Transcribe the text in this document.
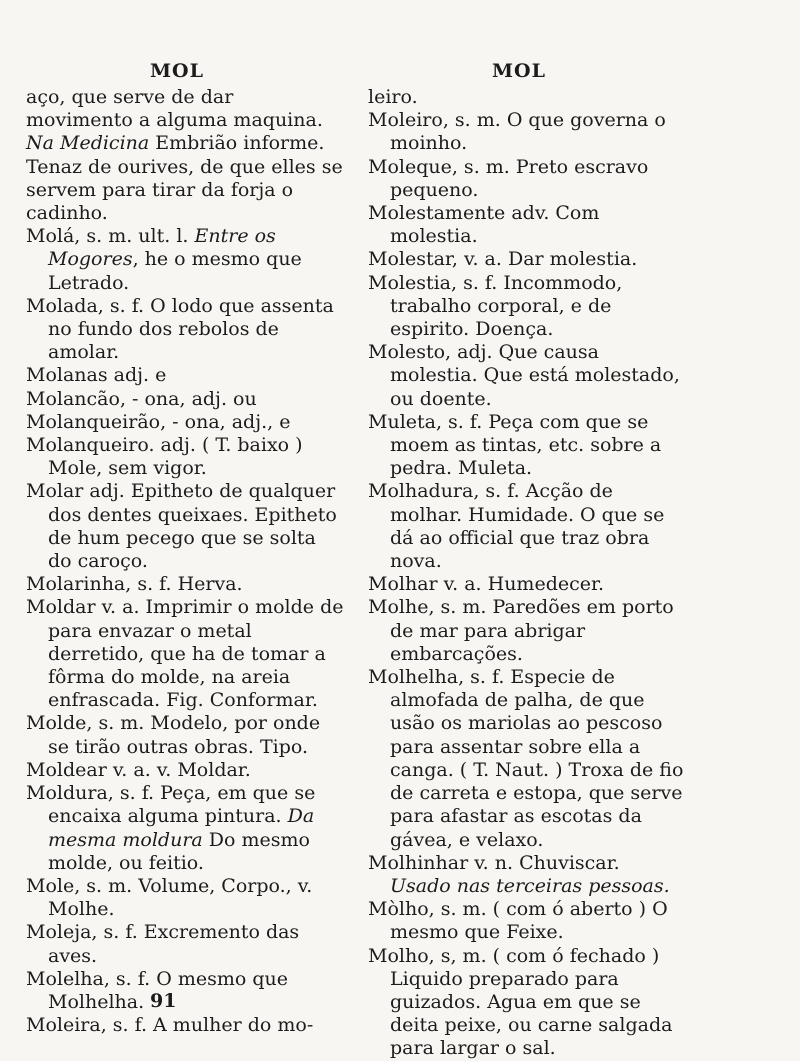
MOL	MOL

aço, que serve de dar movimento a alguma maquina. Na Medicina Embrião informe. Tenaz de ourives, de que elles se servem para tirar da forja o cadinho.

Molá, s. m. ult. l. Entre os Mogores, he o mesmo que Letrado.

Molada, s. f. O lodo que assenta no fundo dos rebolos de amolar.

Molanas adj. e

Molancão, - ona, adj. ou

Molanqueirão, - ona, adj., e

Molanqueiro. adj. ( T. baixo ) Mole, sem vigor.

Molar adj. Epitheto de qualquer dos dentes queixaes. Epitheto de hum pecego que se solta do caroço.

Molarinha, s. f. Herva.

Moldar v. a. Imprimir o molde de para envazar o metal derretido, que ha de tomar a fôrma do molde, na areia enfrascada. Fig. Conformar.

Molde, s. m. Modelo, por onde se tirão outras obras. Tipo.

Moldear v. a. v. Moldar.

Moldura, s. f. Peça, em que se encaixa alguma pintura. Da mesma moldura Do mesmo molde, ou feitio.

Mole, s. m. Volume, Corpo., v. Molhe.

Moleja, s. f. Excremento das aves.

Molelha, s. f. O mesmo que Molhelha.

Moleira, s. f. A mulher do mo-

leiro.

Moleiro, s. m. O que governa o moinho.

Moleque, s. m. Preto escravo pequeno.

Molestamente adv. Com molestia.

Molestar, v. a. Dar molestia.

Molestia, s. f. Incommodo, trabalho corporal, e de espirito. Doença.

Molesto, adj. Que causa molestia. Que está molestado, ou doente.

Muleta, s. f. Peça com que se moem as tintas, etc. sobre a pedra. Muleta.

Molhadura, s. f. Acção de molhar. Humidade. O que se dá ao official que traz obra nova.

Molhar v. a. Humedecer.

Molhe, s. m. Paredões em porto de mar para abrigar embarcações.

Molhelha, s. f. Especie de almofada de palha, de que usão os mariolas ao pescoso para assentar sobre ella a canga. ( T. Naut. ) Troxa de fio de carreta e estopa, que serve para afastar as escotas da gávea, e velaxo.

Molhinhar v. n. Chuviscar. Usado nas terceiras pessoas.

Mòlho, s. m. ( com ó aberto ) O mesmo que Feixe.

Molho, s, m. ( com ó fechado ) Liquido preparado para guizados. Agua em que se deita peixe, ou carne salgada para largar o sal.

91
